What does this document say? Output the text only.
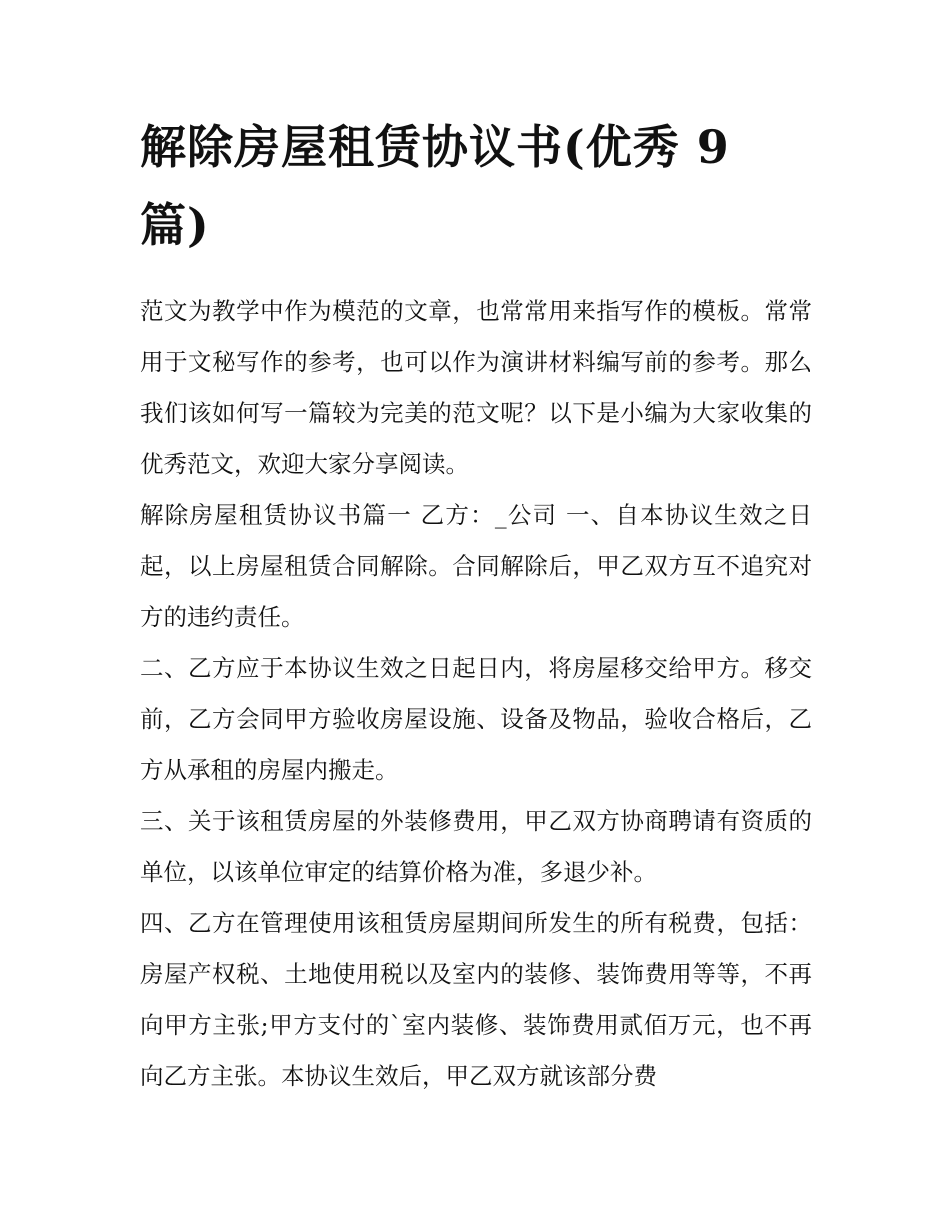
解除房屋租赁协议书(优秀 9 篇)

范文为教学中作为模范的文章，也常常用来指写作的模板。常常用于文秘写作的参考，也可以作为演讲材料编写前的参考。那么我们该如何写一篇较为完美的范文呢？以下是小编为大家收集的优秀范文，欢迎大家分享阅读。

解除房屋租赁协议书篇一 乙方：_公司 一、自本协议生效之日起，以上房屋租赁合同解除。合同解除后，甲乙双方互不追究对方的违约责任。

二、乙方应于本协议生效之日起日内，将房屋移交给甲方。移交前，乙方会同甲方验收房屋设施、设备及物品，验收合格后，乙方从承租的房屋内搬走。

三、关于该租赁房屋的外装修费用，甲乙双方协商聘请有资质的单位，以该单位审定的结算价格为准，多退少补。

四、乙方在管理使用该租赁房屋期间所发生的所有税费，包括：房屋产权税、土地使用税以及室内的装修、装饰费用等等，不再向甲方主张;甲方支付的`室内装修、装饰费用贰佰万元，也不再向乙方主张。本协议生效后，甲乙双方就该部分费
